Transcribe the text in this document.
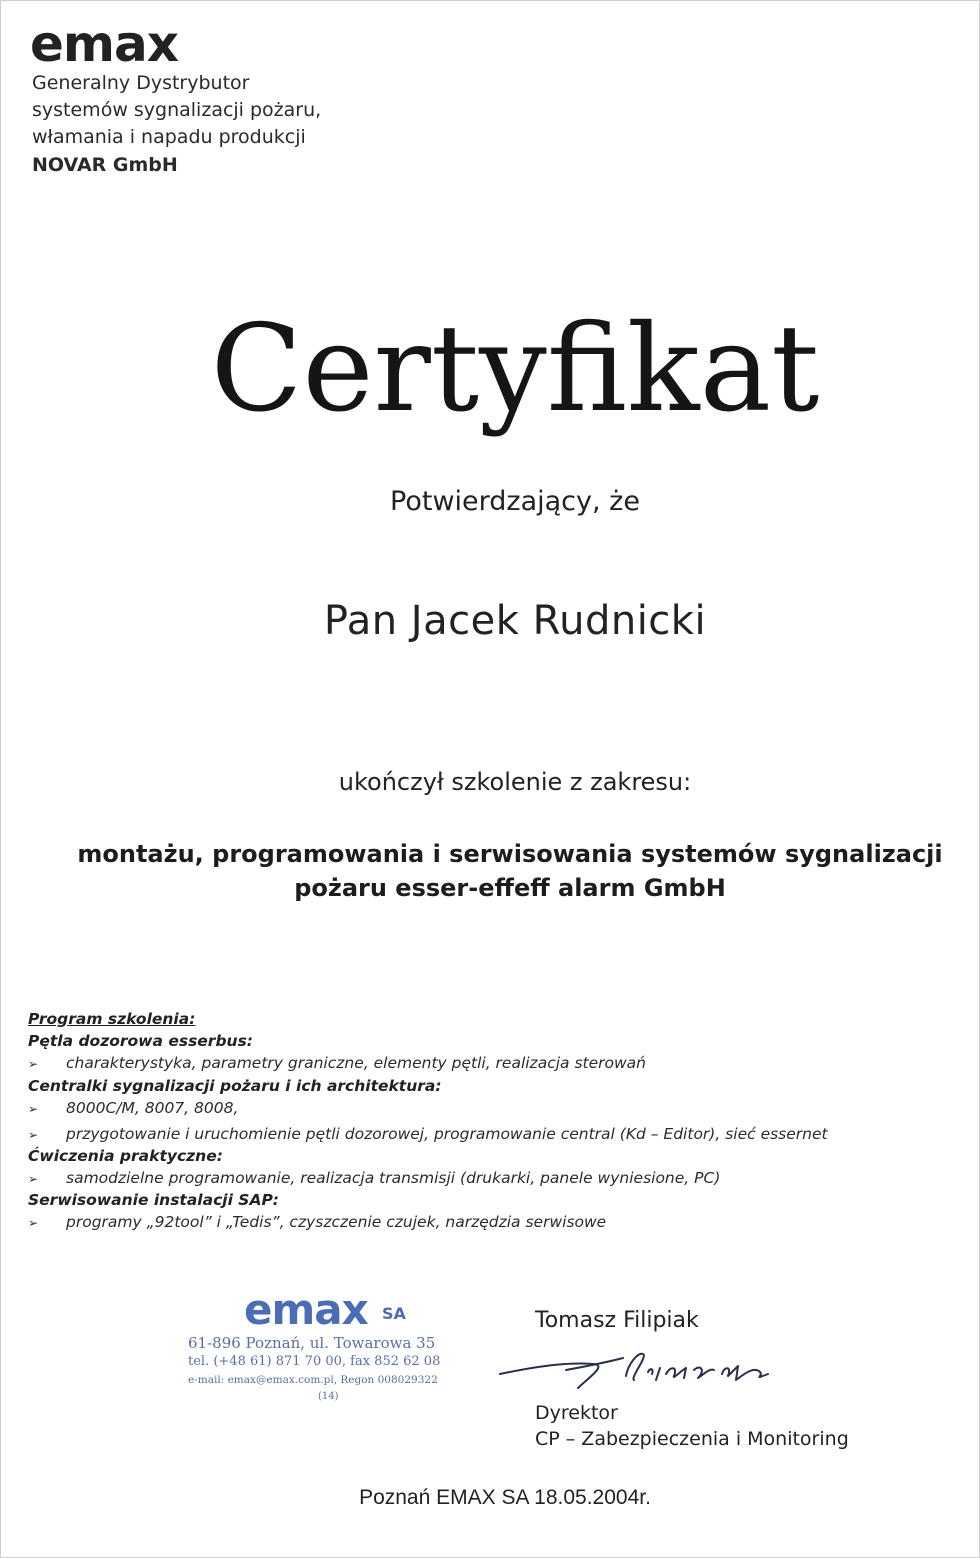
emax
Generalny Dystrybutor
systemów sygnalizacji pożaru,
włamania i napadu produkcji
NOVAR GmbH
Certyfikat
Potwierdzający, że
Pan Jacek Rudnicki
ukończył szkolenie z zakresu:
montażu, programowania i serwisowania systemów sygnalizacji
pożaru esser-effeff alarm GmbH
Program szkolenia:
Pętla dozorowa esserbus:
➢ charakterystyka, parametry graniczne, elementy pętli, realizacja sterowań
Centralki sygnalizacji pożaru i ich architektura:
➢ 8000C/M, 8007, 8008,
➢ przygotowanie i uruchomienie pętli dozorowej, programowanie central (Kd – Editor), sieć essernet
Ćwiczenia praktyczne:
➢ samodzielne programowanie, realizacja transmisji (drukarki, panele wyniesione, PC)
Serwisowanie instalacji SAP:
➢ programy „92tool” i „Tedis”, czyszczenie czujek, narzędzia serwisowe
emax SA
61-896 Poznań, ul. Towarowa 35
tel. (+48 61) 871 70 00, fax 852 62 08
e-mail: emax@emax.com.pl, Regon 008029322
(14)
Tomasz Filipiak
Dyrektor
CP – Zabezpieczenia i Monitoring
Poznań EMAX SA 18.05.2004r.
